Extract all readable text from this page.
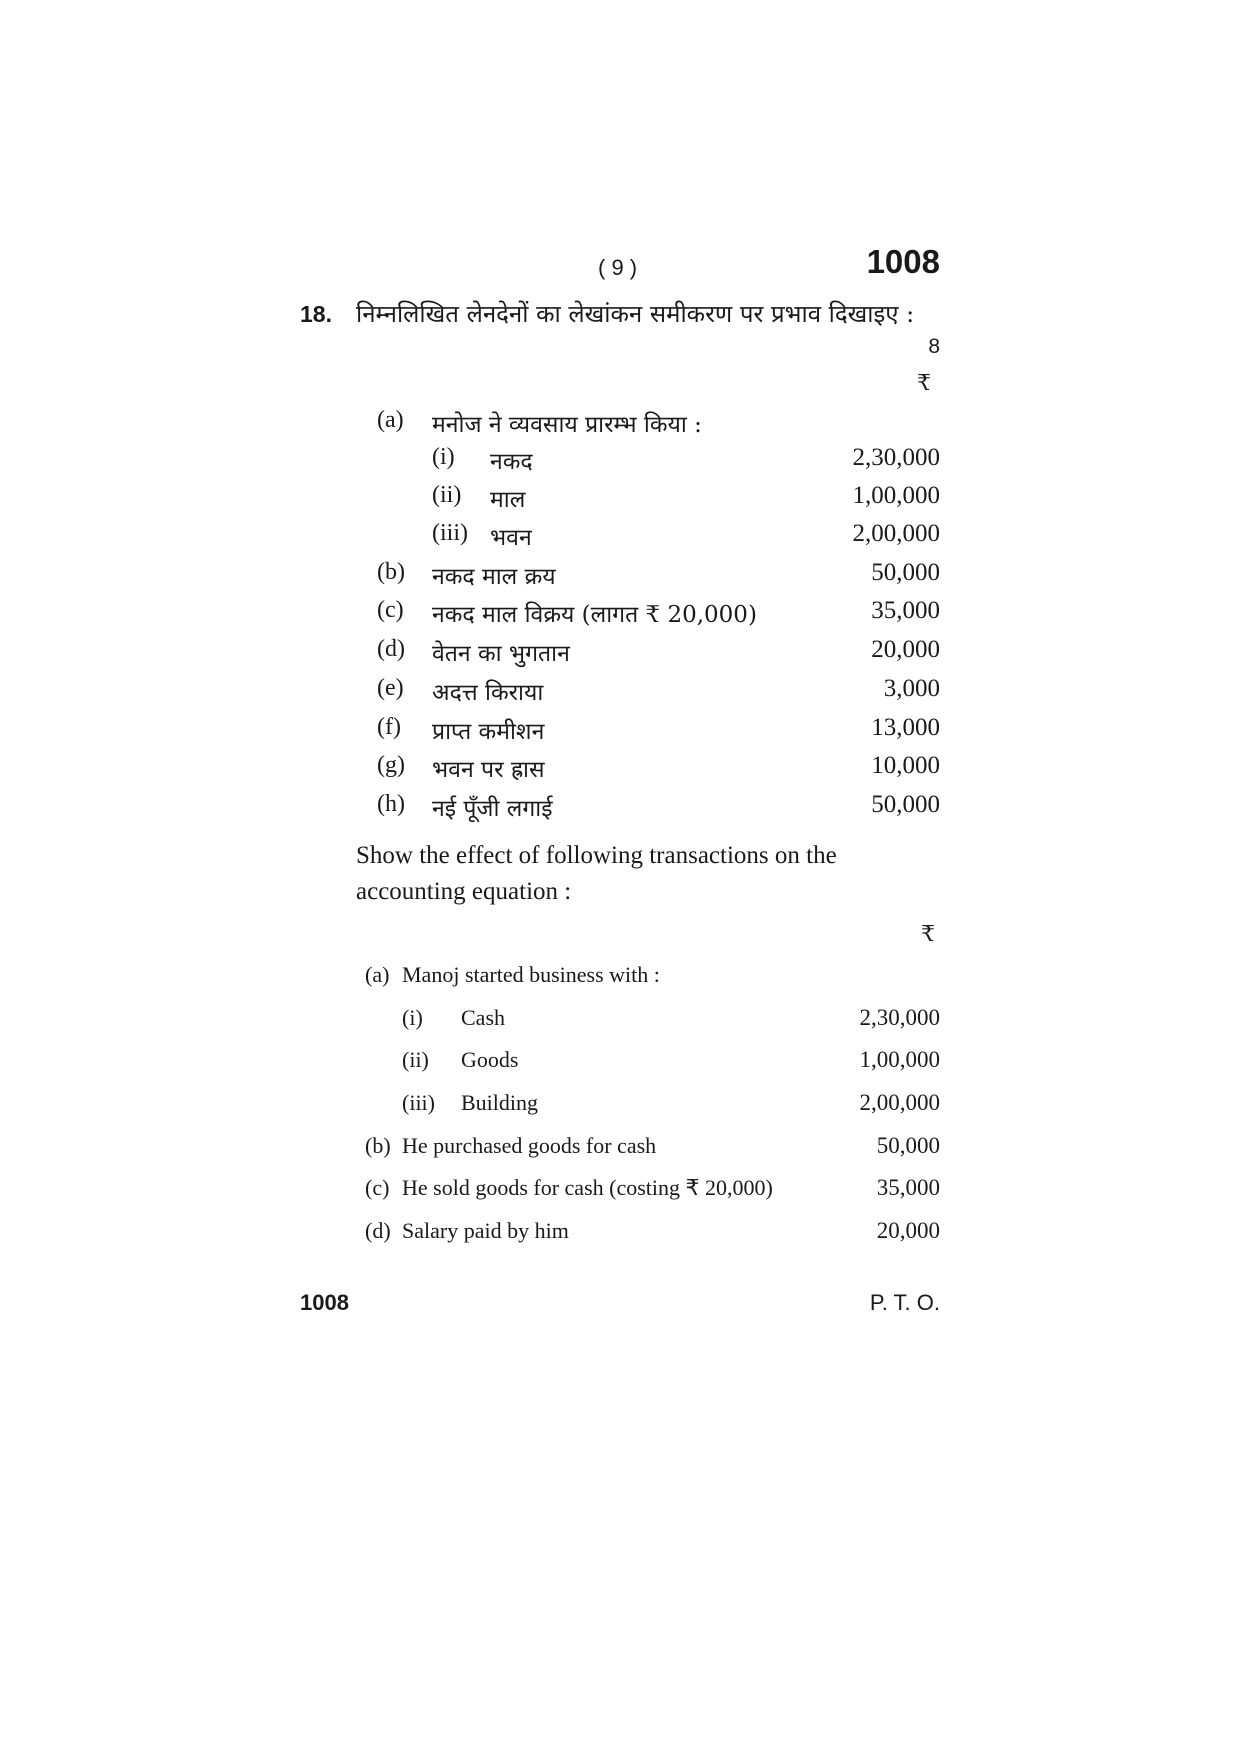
( 9 )	1008
18. निम्नलिखित लेनदेनों का लेखांकन समीकरण पर प्रभाव दिखाइए :
8
₹
(a) मनोज ने व्यवसाय प्रारम्भ किया :
(i) नकद	2,30,000
(ii) माल	1,00,000
(iii) भवन	2,00,000
(b) नकद माल क्रय	50,000
(c) नकद माल विक्रय (लागत ₹ 20,000)	35,000
(d) वेतन का भुगतान	20,000
(e) अदत्त किराया	3,000
(f) प्राप्त कमीशन	13,000
(g) भवन पर ह्रास	10,000
(h) नई पूँजी लगाई	50,000
Show the effect of following transactions on the
accounting equation :
₹
(a) Manoj started business with :
(i) Cash	2,30,000
(ii) Goods	1,00,000
(iii) Building	2,00,000
(b) He purchased goods for cash	50,000
(c) He sold goods for cash (costing ₹ 20,000)	35,000
(d) Salary paid by him	20,000
1008	P. T. O.
